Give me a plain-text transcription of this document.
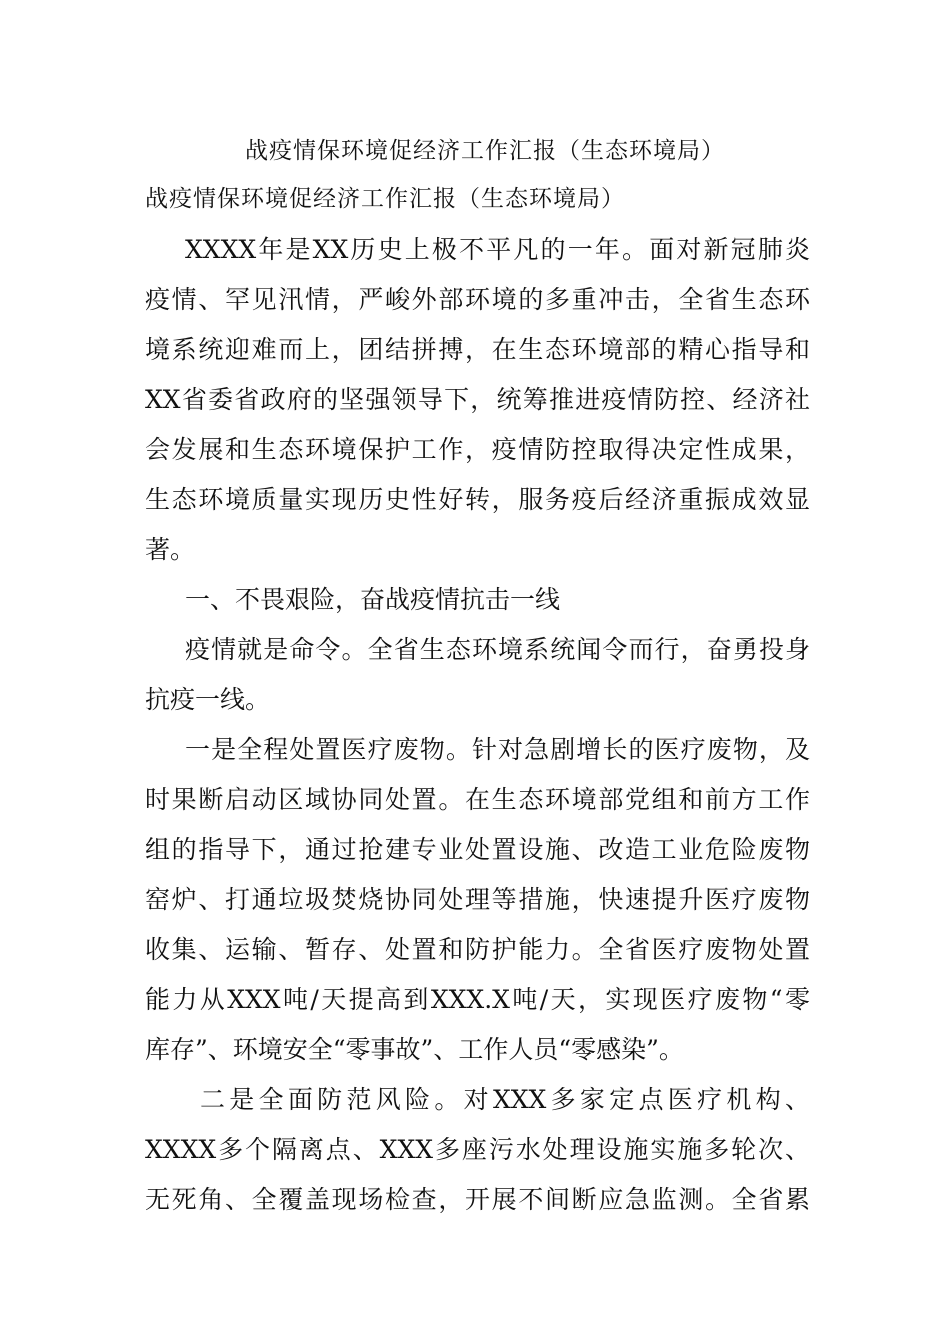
战疫情保环境促经济工作汇报（生态环境局）
战疫情保环境促经济工作汇报（生态环境局）
XXXX年是XX历史上极不平凡的一年。面对新冠肺炎
疫情、罕见汛情，严峻外部环境的多重冲击，全省生态环
境系统迎难而上，团结拼搏，在生态环境部的精心指导和
XX省委省政府的坚强领导下，统筹推进疫情防控、经济社
会发展和生态环境保护工作，疫情防控取得决定性成果，
生态环境质量实现历史性好转，服务疫后经济重振成效显
著。
一、不畏艰险，奋战疫情抗击一线
疫情就是命令。全省生态环境系统闻令而行，奋勇投身
抗疫一线。
一是全程处置医疗废物。针对急剧增长的医疗废物，及
时果断启动区域协同处置。在生态环境部党组和前方工作
组的指导下，通过抢建专业处置设施、改造工业危险废物
窑炉、打通垃圾焚烧协同处理等措施，快速提升医疗废物
收集、运输、暂存、处置和防护能力。全省医疗废物处置
能力从XXX吨/天提高到XXX.X吨/天，实现医疗废物“零
库存”、环境安全“零事故”、工作人员“零感染”。
二是全面防范风险。对XXX多家定点医疗机构、
XXXX多个隔离点、XXX多座污水处理设施实施多轮次、
无死角、全覆盖现场检查，开展不间断应急监测。全省累
